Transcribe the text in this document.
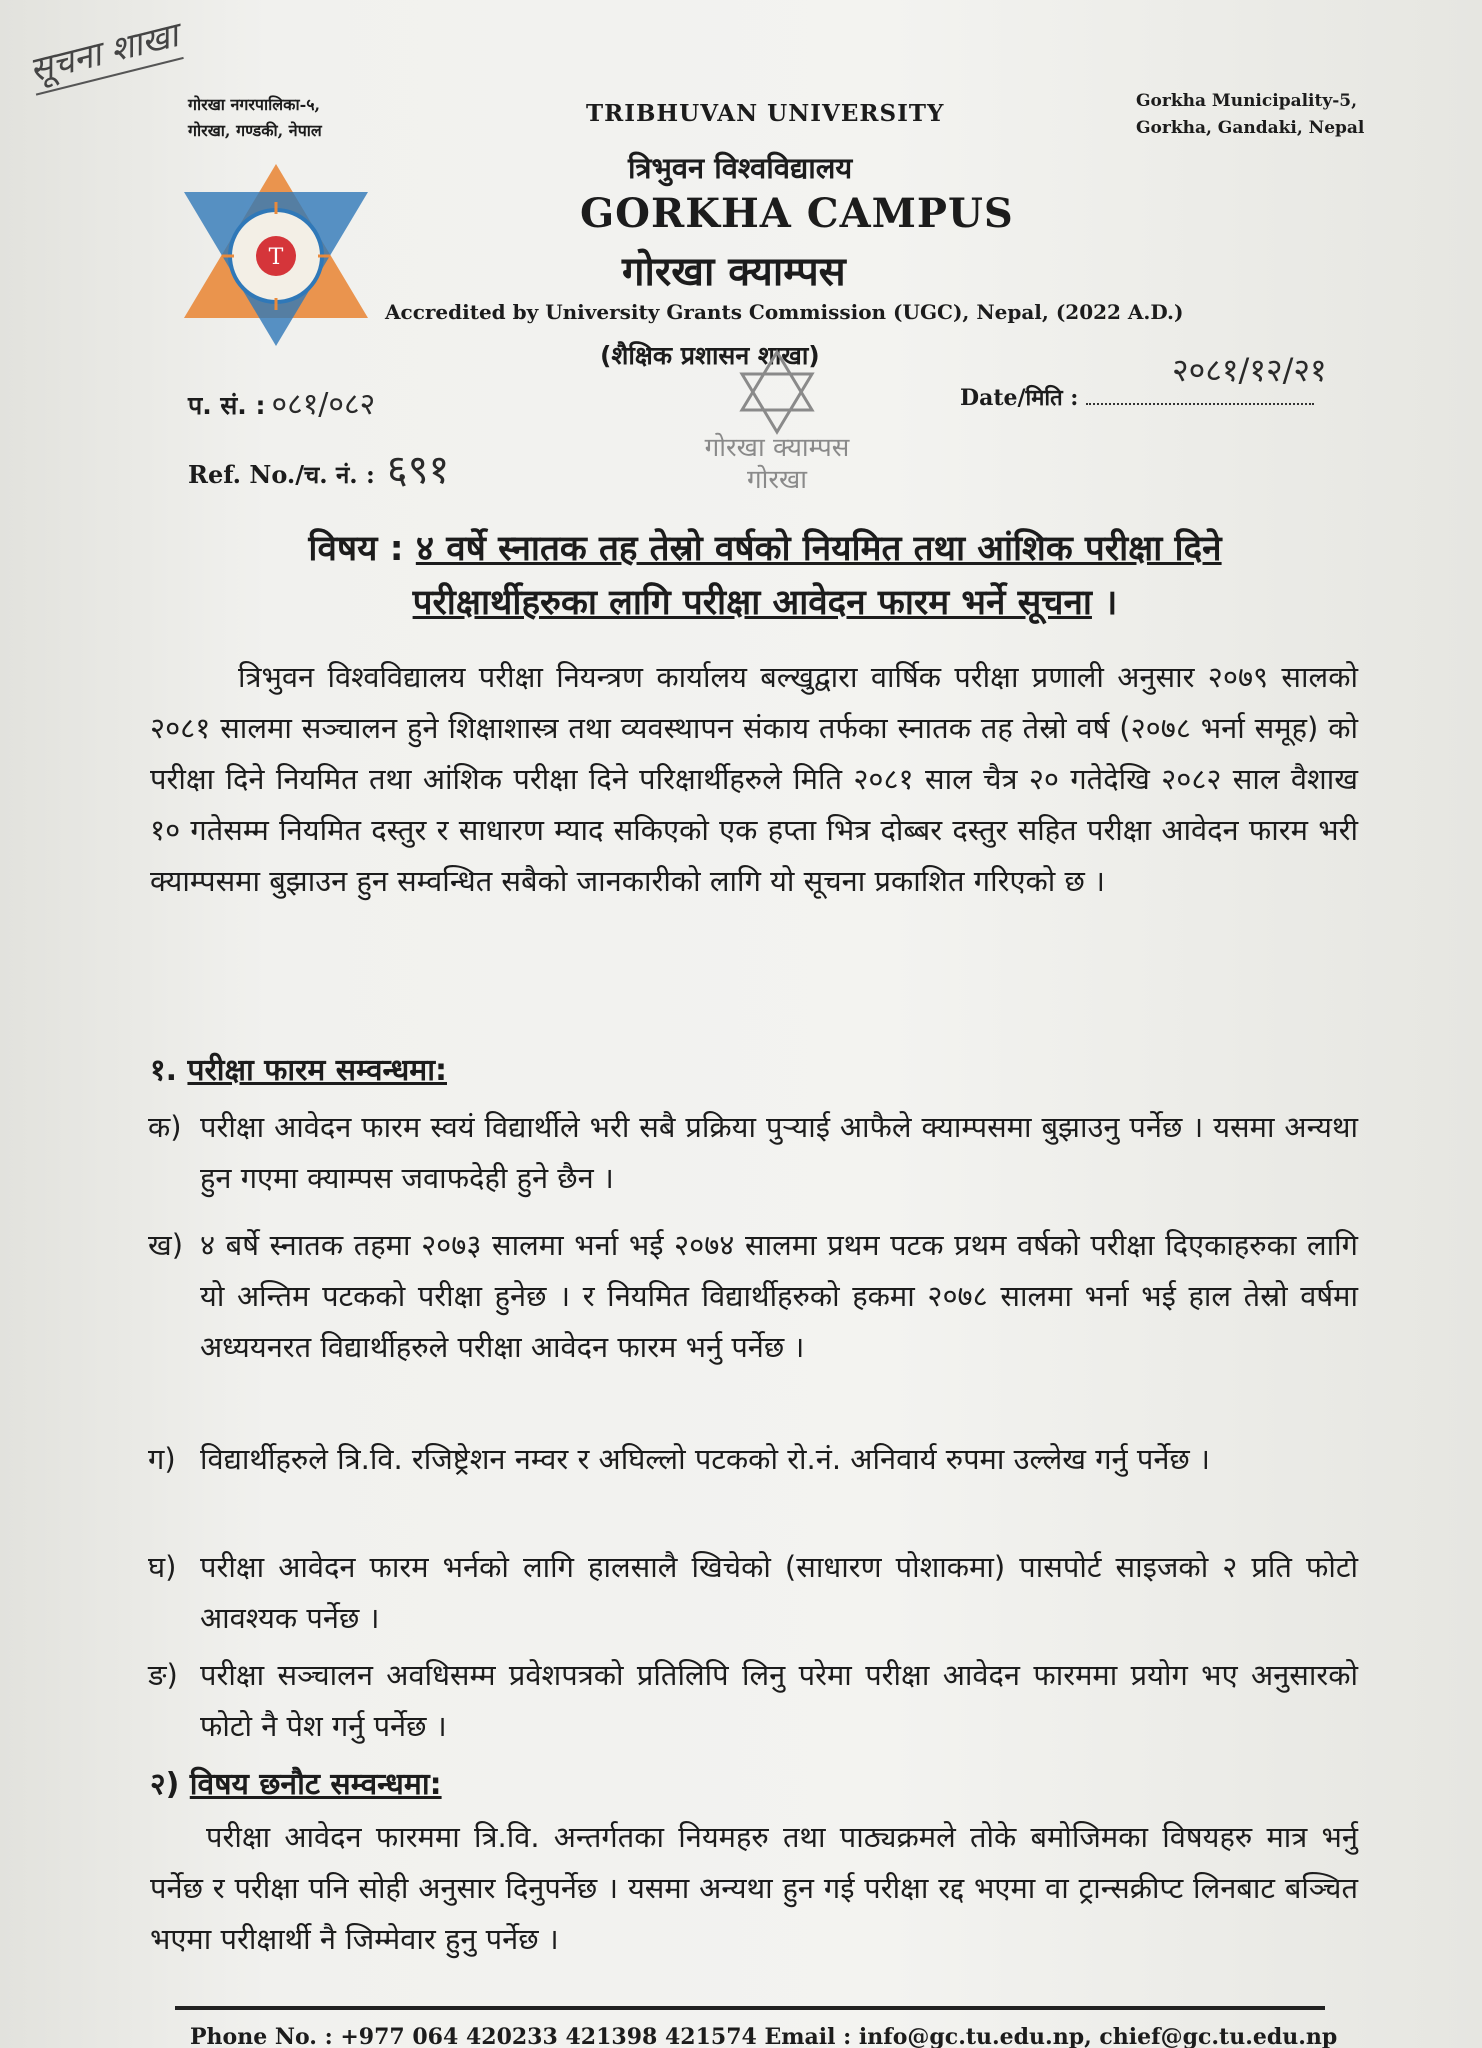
सूचना शाखा
गोरखा नगरपालिका-५,
गोरखा, गण्डकी, नेपाल
Gorkha Municipality-5,
Gorkha, Gandaki, Nepal
T
TRIBHUVAN UNIVERSITY
त्रिभुवन विश्वविद्यालय
GORKHA CAMPUS
गोरखा क्याम्पस
Accredited by University Grants Commission (UGC), Nepal, (2022 A.D.)
(शैक्षिक प्रशासन शाखा)
गोरखा क्याम्पस
गोरखा
प. सं. : ०८१/०८२
Ref. No./च. नं. : ६९१
२०८१/१२/२१
Date/मिति :
विषय : ४ वर्षे स्नातक तह तेस्रो वर्षको नियमित तथा आंशिक परीक्षा दिने
परीक्षार्थीहरुका लागि परीक्षा आवेदन फारम भर्ने सूचना ।
त्रिभुवन विश्वविद्यालय परीक्षा नियन्त्रण कार्यालय बल्खुद्वारा वार्षिक परीक्षा प्रणाली अनुसार २०७९ सालको २०८१ सालमा सञ्चालन हुने शिक्षाशास्त्र तथा व्यवस्थापन संकाय तर्फका स्नातक तह तेस्रो वर्ष (२०७८ भर्ना समूह) को परीक्षा दिने नियमित तथा आंशिक परीक्षा दिने परिक्षार्थीहरुले मिति २०८१ साल चैत्र २० गतेदेखि २०८२ साल वैशाख १० गतेसम्म नियमित दस्तुर र साधारण म्याद सकिएको एक हप्ता भित्र दोब्बर दस्तुर सहित परीक्षा आवेदन फारम भरी क्याम्पसमा बुझाउन हुन सम्वन्धित सबैको जानकारीको लागि यो सूचना प्रकाशित गरिएको छ ।
१. परीक्षा फारम सम्वन्धमा:
क) परीक्षा आवेदन फारम स्वयं विद्यार्थीले भरी सबै प्रक्रिया पुऱ्याई आफैले क्याम्पसमा बुझाउनु पर्नेछ । यसमा अन्यथा हुन गएमा क्याम्पस जवाफदेही हुने छैन ।
ख) ४ बर्षे स्नातक तहमा २०७३ सालमा भर्ना भई २०७४ सालमा प्रथम पटक प्रथम वर्षको परीक्षा दिएकाहरुका लागि यो अन्तिम पटकको परीक्षा हुनेछ । र नियमित विद्यार्थीहरुको हकमा २०७८ सालमा भर्ना भई हाल तेस्रो वर्षमा अध्ययनरत विद्यार्थीहरुले परीक्षा आवेदन फारम भर्नु पर्नेछ ।
ग) विद्यार्थीहरुले त्रि.वि. रजिष्ट्रेशन नम्वर र अघिल्लो पटकको रो.नं. अनिवार्य रुपमा उल्लेख गर्नु पर्नेछ ।
घ) परीक्षा आवेदन फारम भर्नको लागि हालसालै खिचेको (साधारण पोशाकमा) पासपोर्ट साइजको २ प्रति फोटो आवश्यक पर्नेछ ।
ङ) परीक्षा सञ्चालन अवधिसम्म प्रवेशपत्रको प्रतिलिपि लिनु परेमा परीक्षा आवेदन फारममा प्रयोग भए अनुसारको फोटो नै पेश गर्नु पर्नेछ ।
२) विषय छनौट सम्वन्धमा:
परीक्षा आवेदन फारममा त्रि.वि. अन्तर्गतका नियमहरु तथा पाठ्यक्रमले तोके बमोजिमका विषयहरु मात्र भर्नु पर्नेछ र परीक्षा पनि सोही अनुसार दिनुपर्नेछ । यसमा अन्यथा हुन गई परीक्षा रद्द भएमा वा ट्रान्सक्रीप्ट लिनबाट बञ्चित भएमा परीक्षार्थी नै जिम्मेवार हुनु पर्नेछ ।
Phone No. : +977 064 420233 421398 421574 Email : info@gc.tu.edu.np, chief@gc.tu.edu.np
